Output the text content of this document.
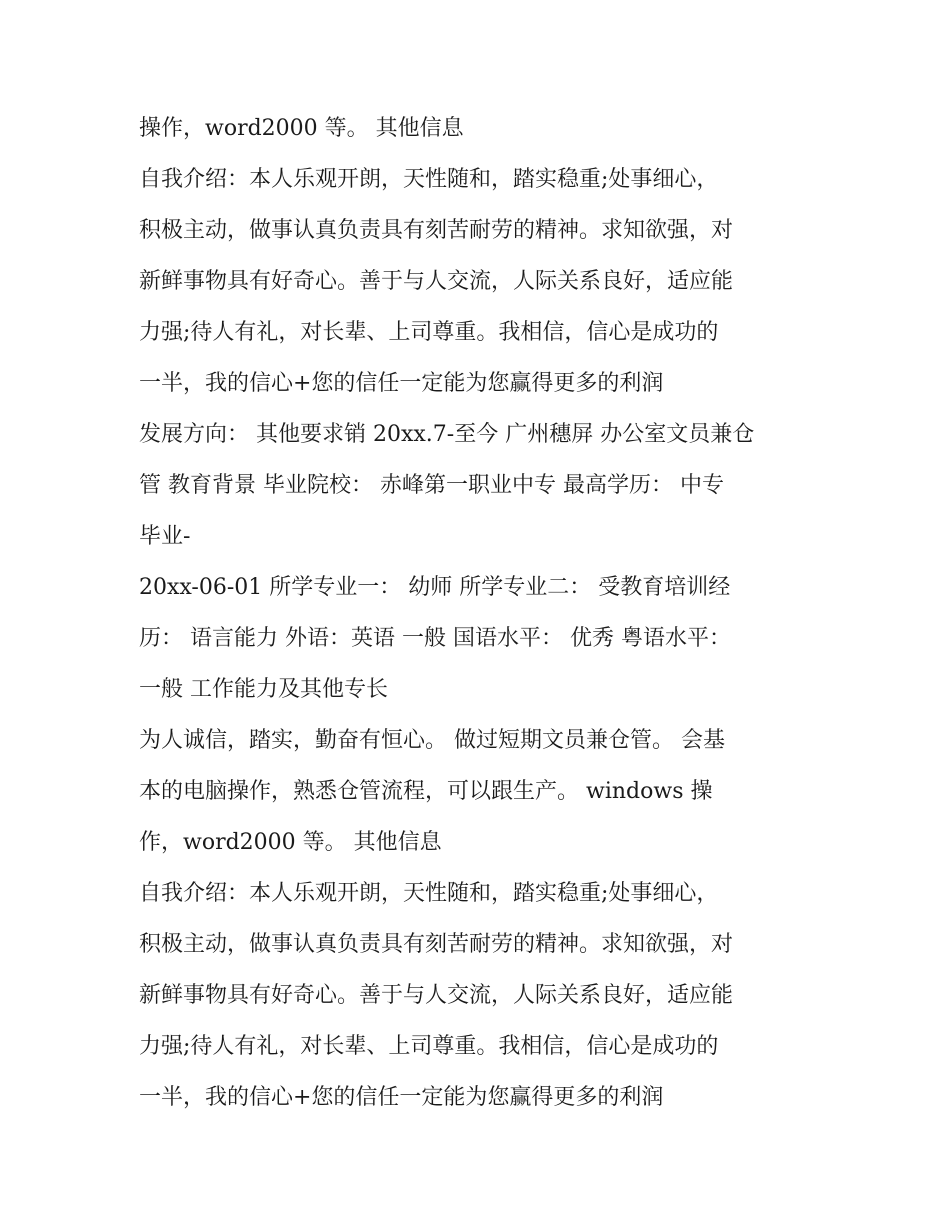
操作，word2000 等。 其他信息
自我介绍：本人乐观开朗，天性随和，踏实稳重;处事细心，
积极主动，做事认真负责具有刻苦耐劳的精神。求知欲强，对
新鲜事物具有好奇心。善于与人交流，人际关系良好，适应能
力强;待人有礼，对长辈、上司尊重。我相信，信心是成功的
一半，我的信心+您的信任一定能为您赢得更多的利润
发展方向： 其他要求销 20xx.7-至今 广州穗屏 办公室文员兼仓
管 教育背景 毕业院校： 赤峰第一职业中专 最高学历： 中专
毕业-
20xx-06-01 所学专业一： 幼师 所学专业二： 受教育培训经
历： 语言能力 外语：英语 一般 国语水平： 优秀 粤语水平：
一般 工作能力及其他专长
为人诚信，踏实，勤奋有恒心。 做过短期文员兼仓管。 会基
本的电脑操作，熟悉仓管流程，可以跟生产。 windows 操
作，word2000 等。 其他信息
自我介绍：本人乐观开朗，天性随和，踏实稳重;处事细心，
积极主动，做事认真负责具有刻苦耐劳的精神。求知欲强，对
新鲜事物具有好奇心。善于与人交流，人际关系良好，适应能
力强;待人有礼，对长辈、上司尊重。我相信，信心是成功的
一半，我的信心+您的信任一定能为您赢得更多的利润
